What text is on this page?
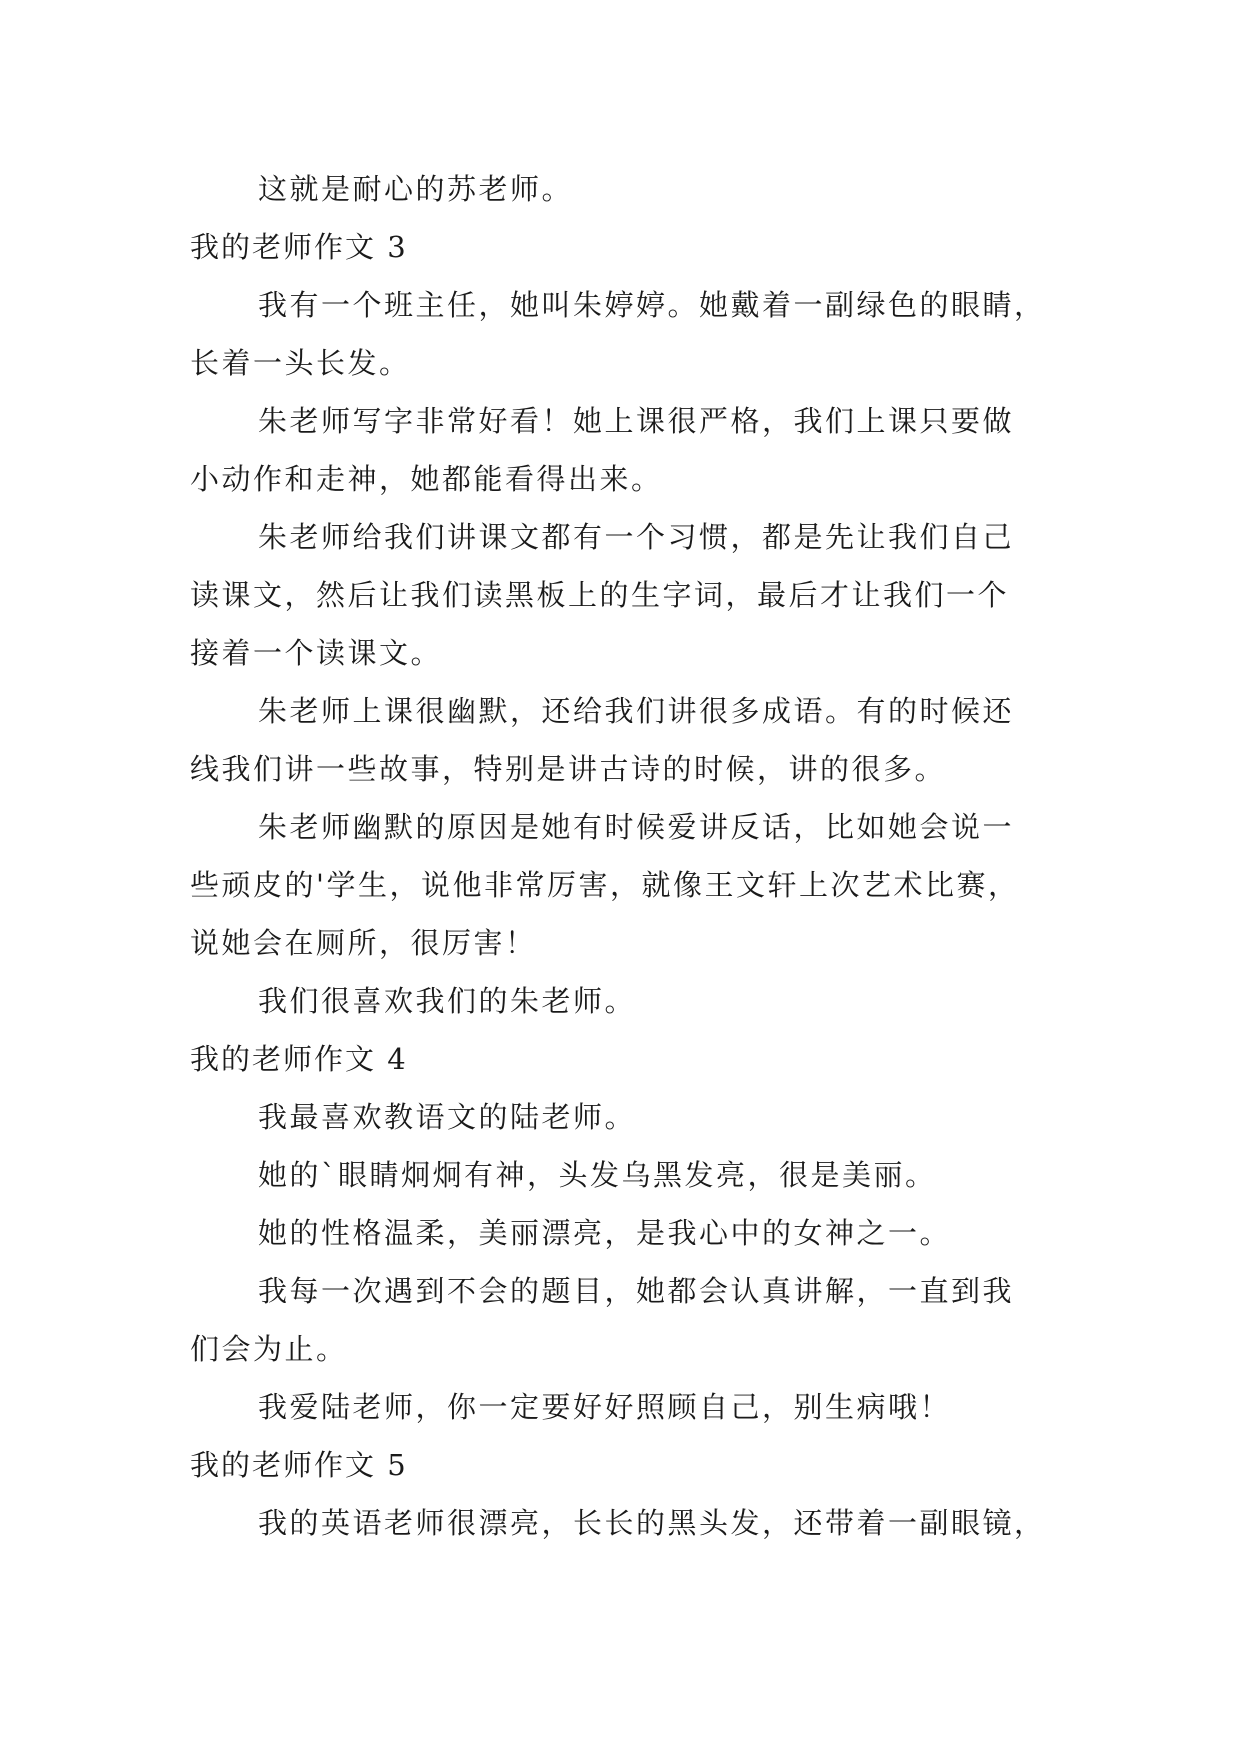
这就是耐心的苏老师。
我的老师作文 3
我有一个班主任，她叫朱婷婷。她戴着一副绿色的眼睛，
长着一头长发。
朱老师写字非常好看！她上课很严格，我们上课只要做
小动作和走神，她都能看得出来。
朱老师给我们讲课文都有一个习惯，都是先让我们自己
读课文，然后让我们读黑板上的生字词，最后才让我们一个
接着一个读课文。
朱老师上课很幽默，还给我们讲很多成语。有的时候还
线我们讲一些故事，特别是讲古诗的时候，讲的很多。
朱老师幽默的原因是她有时候爱讲反话，比如她会说一
些顽皮的'学生，说他非常厉害，就像王文轩上次艺术比赛，
说她会在厕所，很厉害！
我们很喜欢我们的朱老师。
我的老师作文 4
我最喜欢教语文的陆老师。
她的`眼睛炯炯有神，头发乌黑发亮，很是美丽。
她的性格温柔，美丽漂亮，是我心中的女神之一。
我每一次遇到不会的题目，她都会认真讲解，一直到我
们会为止。
我爱陆老师，你一定要好好照顾自己，别生病哦！
我的老师作文 5
我的英语老师很漂亮，长长的黑头发，还带着一副眼镜，
